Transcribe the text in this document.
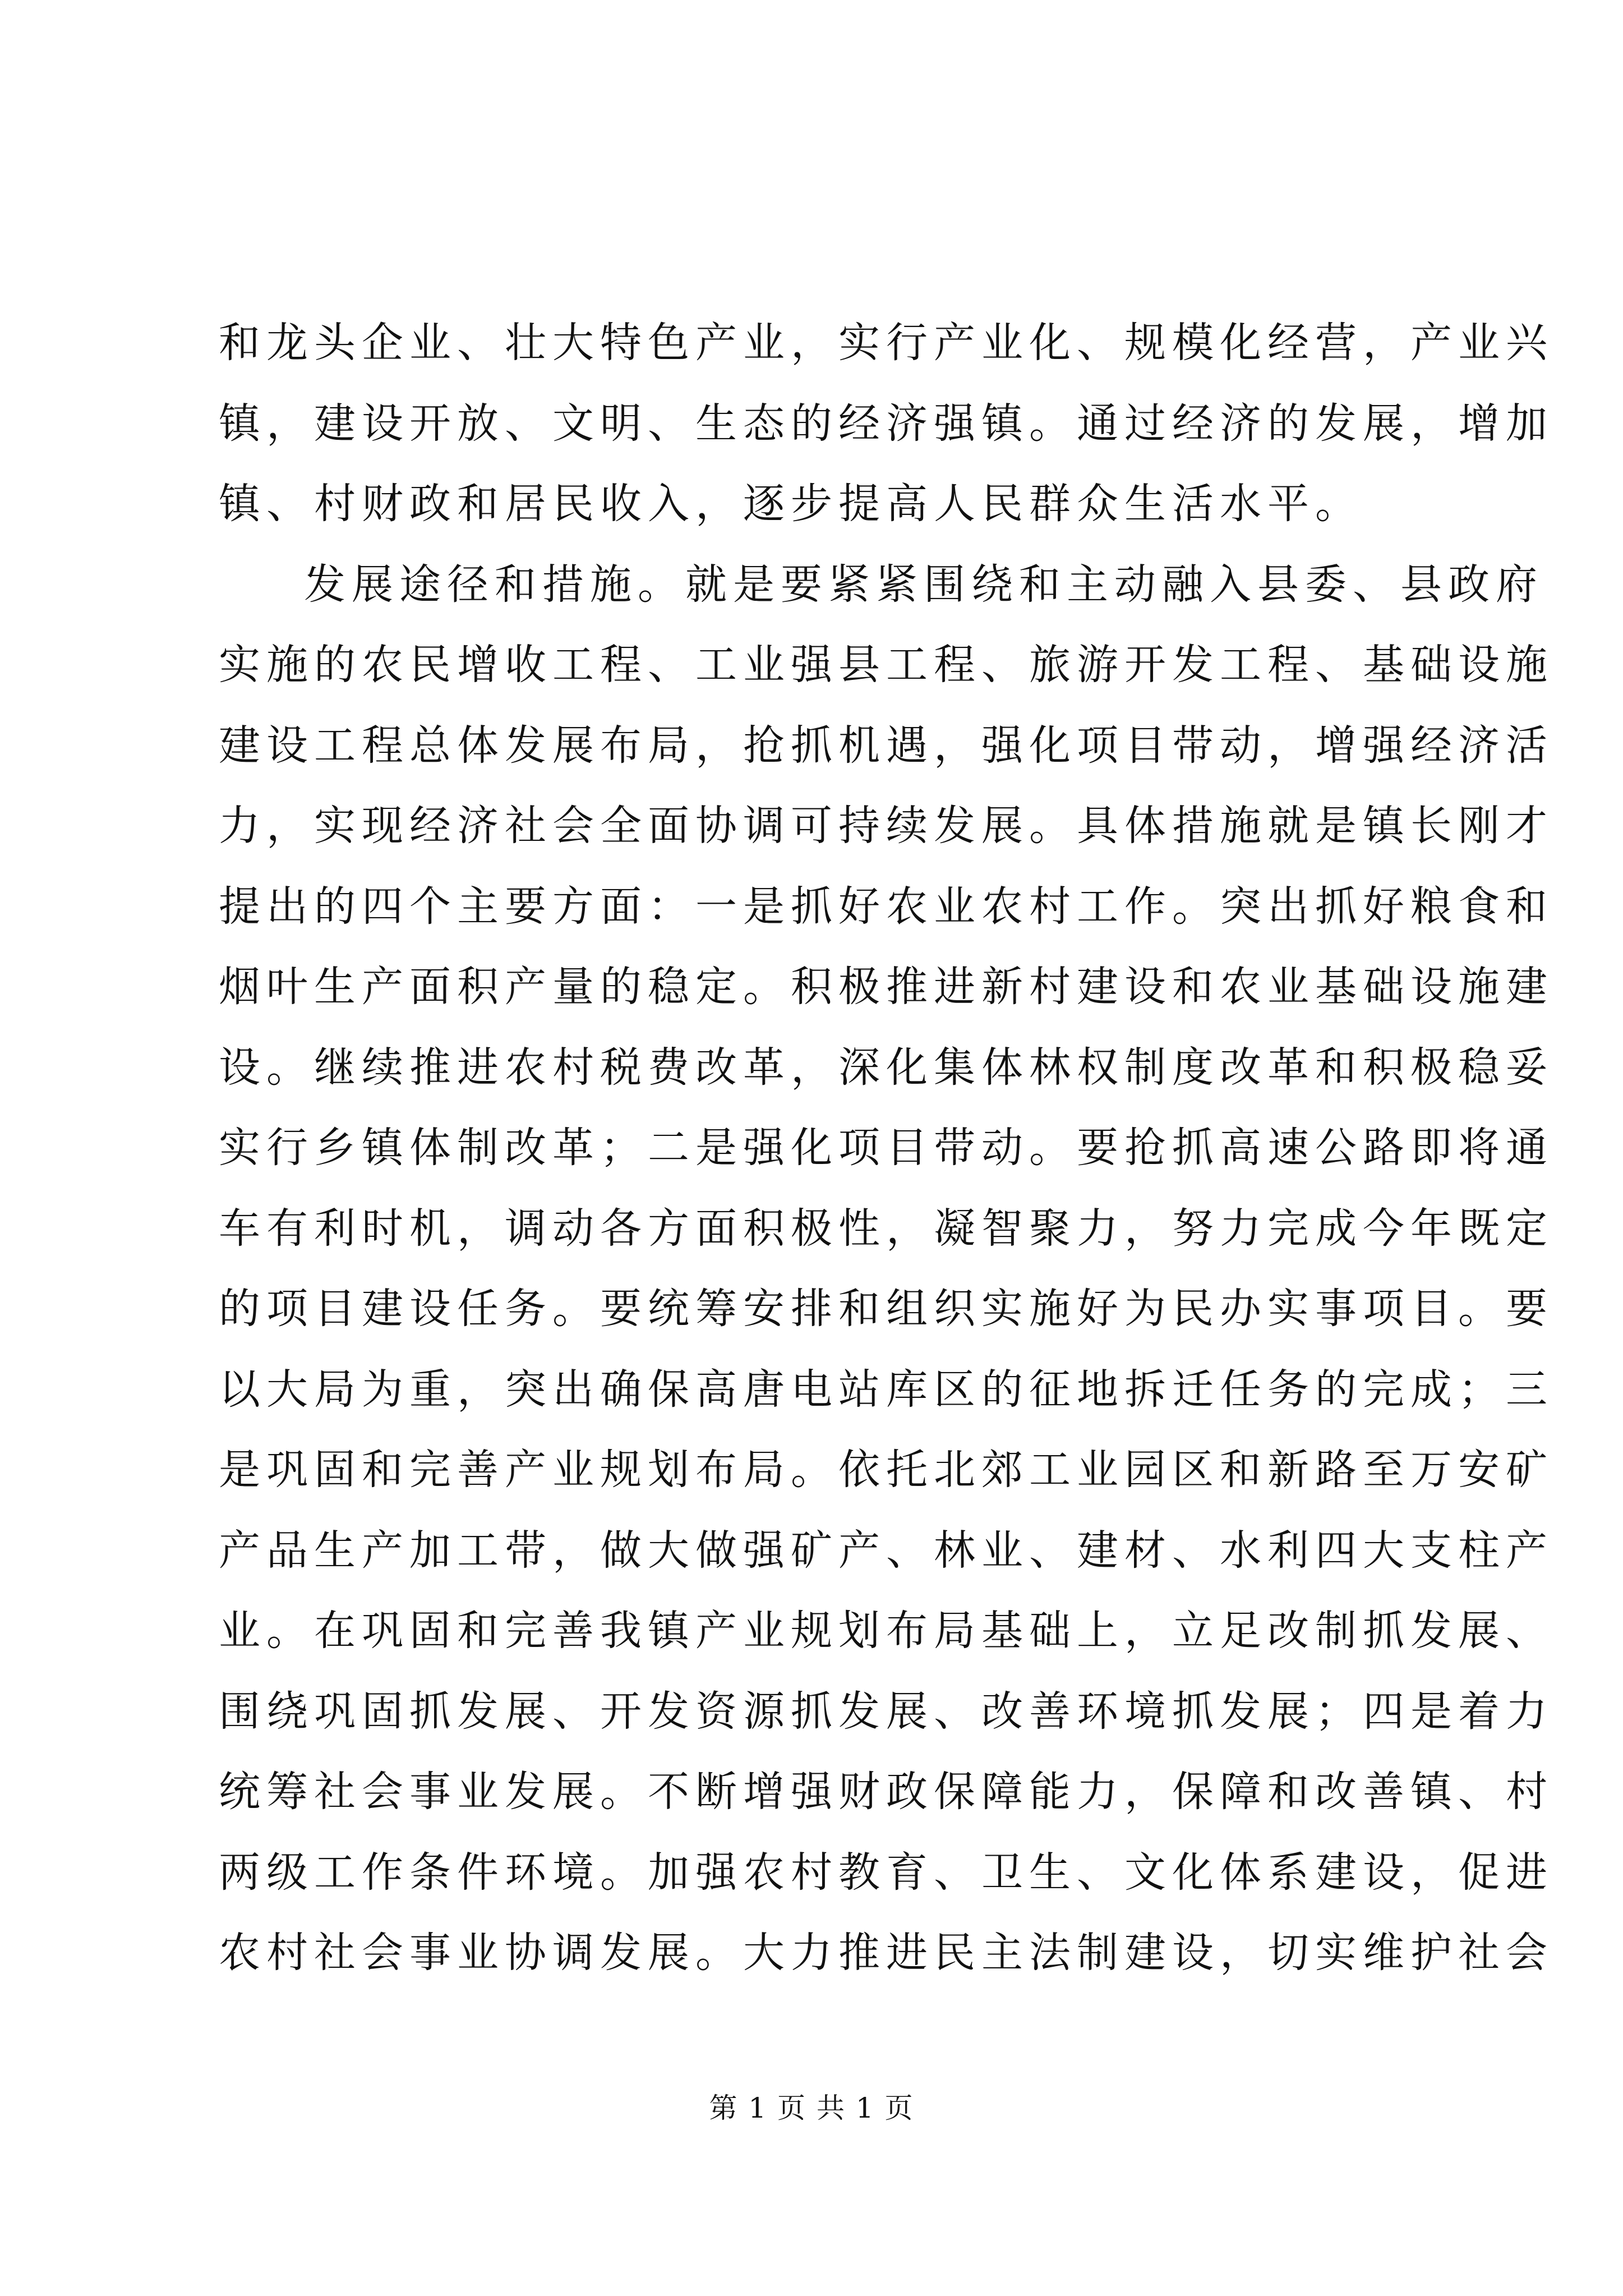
和龙头企业、壮大特色产业，实行产业化、规模化经营，产业兴
镇，建设开放、文明、生态的经济强镇。通过经济的发展，增加
镇、村财政和居民收入，逐步提高人民群众生活水平。
发展途径和措施。就是要紧紧围绕和主动融入县委、县政府
实施的农民增收工程、工业强县工程、旅游开发工程、基础设施
建设工程总体发展布局，抢抓机遇，强化项目带动，增强经济活
力，实现经济社会全面协调可持续发展。具体措施就是镇长刚才
提出的四个主要方面：一是抓好农业农村工作。突出抓好粮食和
烟叶生产面积产量的稳定。积极推进新村建设和农业基础设施建
设。继续推进农村税费改革，深化集体林权制度改革和积极稳妥
实行乡镇体制改革；二是强化项目带动。要抢抓高速公路即将通
车有利时机，调动各方面积极性，凝智聚力，努力完成今年既定
的项目建设任务。要统筹安排和组织实施好为民办实事项目。要
以大局为重，突出确保高唐电站库区的征地拆迁任务的完成；三
是巩固和完善产业规划布局。依托北郊工业园区和新路至万安矿
产品生产加工带，做大做强矿产、林业、建材、水利四大支柱产
业。在巩固和完善我镇产业规划布局基础上，立足改制抓发展、
围绕巩固抓发展、开发资源抓发展、改善环境抓发展；四是着力
统筹社会事业发展。不断增强财政保障能力，保障和改善镇、村
两级工作条件环境。加强农村教育、卫生、文化体系建设，促进
农村社会事业协调发展。大力推进民主法制建设，切实维护社会
第 1 页 共 1 页
